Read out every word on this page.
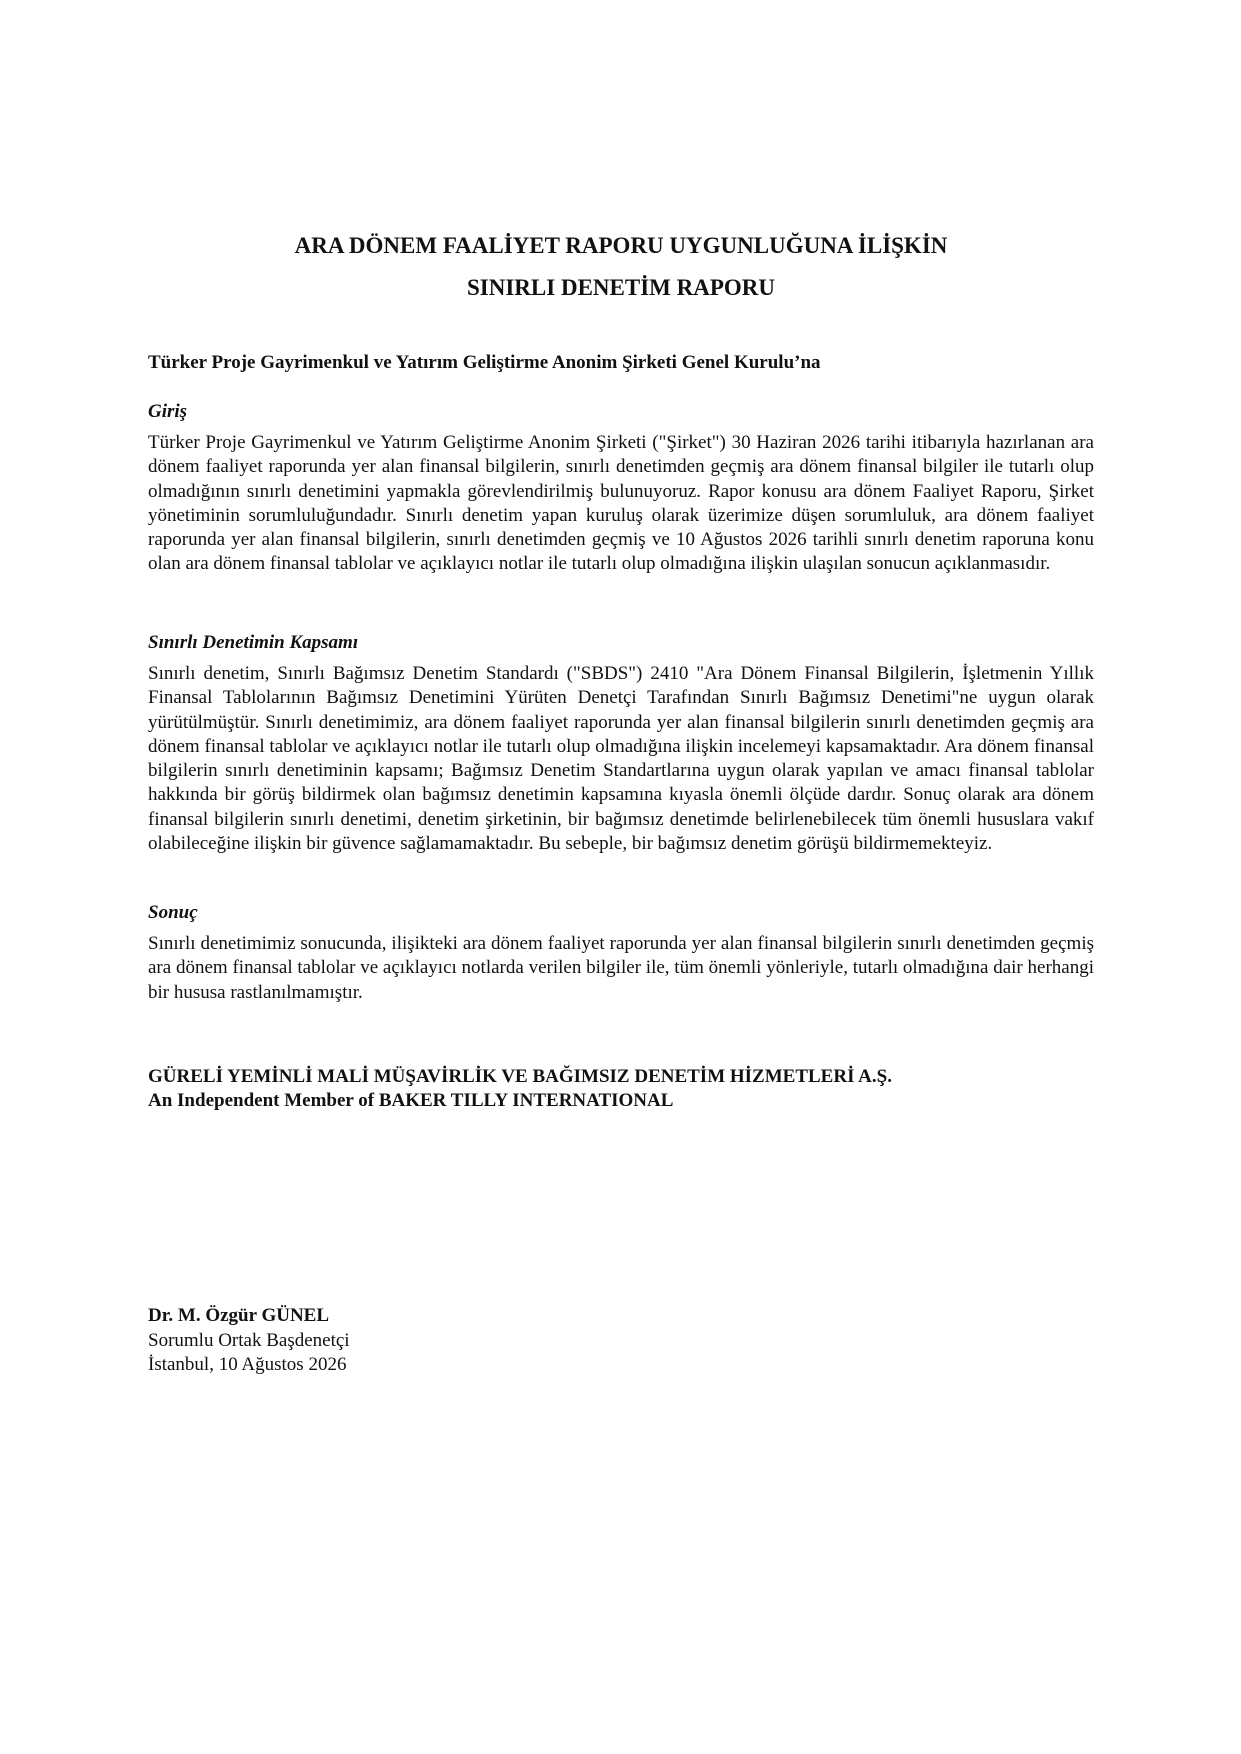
ARA DÖNEM FAALİYET RAPORU UYGUNLUĞUNA İLİŞKİN
SINIRLI DENETİM RAPORU

Türker Proje Gayrimenkul ve Yatırım Geliştirme Anonim Şirketi Genel Kurulu’na

Giriş

Türker Proje Gayrimenkul ve Yatırım Geliştirme Anonim Şirketi ("Şirket") 30 Haziran 2026 tarihi itibarıyla hazırlanan ara dönem faaliyet raporunda yer alan finansal bilgilerin, sınırlı denetimden geçmiş ara dönem finansal bilgiler ile tutarlı olup olmadığının sınırlı denetimini yapmakla görevlendirilmiş bulunuyoruz. Rapor konusu ara dönem Faaliyet Raporu, Şirket yönetiminin sorumluluğundadır. Sınırlı denetim yapan kuruluş olarak üzerimize düşen sorumluluk, ara dönem faaliyet raporunda yer alan finansal bilgilerin, sınırlı denetimden geçmiş ve 10 Ağustos 2026 tarihli sınırlı denetim raporuna konu olan ara dönem finansal tablolar ve açıklayıcı notlar ile tutarlı olup olmadığına ilişkin ulaşılan sonucun açıklanmasıdır.

Sınırlı Denetimin Kapsamı

Sınırlı denetim, Sınırlı Bağımsız Denetim Standardı ("SBDS") 2410 "Ara Dönem Finansal Bilgilerin, İşletmenin Yıllık Finansal Tablolarının Bağımsız Denetimini Yürüten Denetçi Tarafından Sınırlı Bağımsız Denetimi"ne uygun olarak yürütülmüştür. Sınırlı denetimimiz, ara dönem faaliyet raporunda yer alan finansal bilgilerin sınırlı denetimden geçmiş ara dönem finansal tablolar ve açıklayıcı notlar ile tutarlı olup olmadığına ilişkin incelemeyi kapsamaktadır. Ara dönem finansal bilgilerin sınırlı denetiminin kapsamı; Bağımsız Denetim Standartlarına uygun olarak yapılan ve amacı finansal tablolar hakkında bir görüş bildirmek olan bağımsız denetimin kapsamına kıyasla önemli ölçüde dardır. Sonuç olarak ara dönem finansal bilgilerin sınırlı denetimi, denetim şirketinin, bir bağımsız denetimde belirlenebilecek tüm önemli hususlara vakıf olabileceğine ilişkin bir güvence sağlamamaktadır. Bu sebeple, bir bağımsız denetim görüşü bildirmemekteyiz.

Sonuç

Sınırlı denetimimiz sonucunda, ilişikteki ara dönem faaliyet raporunda yer alan finansal bilgilerin sınırlı denetimden geçmiş ara dönem finansal tablolar ve açıklayıcı notlarda verilen bilgiler ile, tüm önemli yönleriyle, tutarlı olmadığına dair herhangi bir hususa rastlanılmamıştır.

GÜRELİ YEMİNLİ MALİ MÜŞAVİRLİK VE BAĞIMSIZ DENETİM HİZMETLERİ A.Ş.
An Independent Member of BAKER TILLY INTERNATIONAL
Dr. M. Özgür GÜNEL
Sorumlu Ortak Başdenetçi
İstanbul, 10 Ağustos 2026
